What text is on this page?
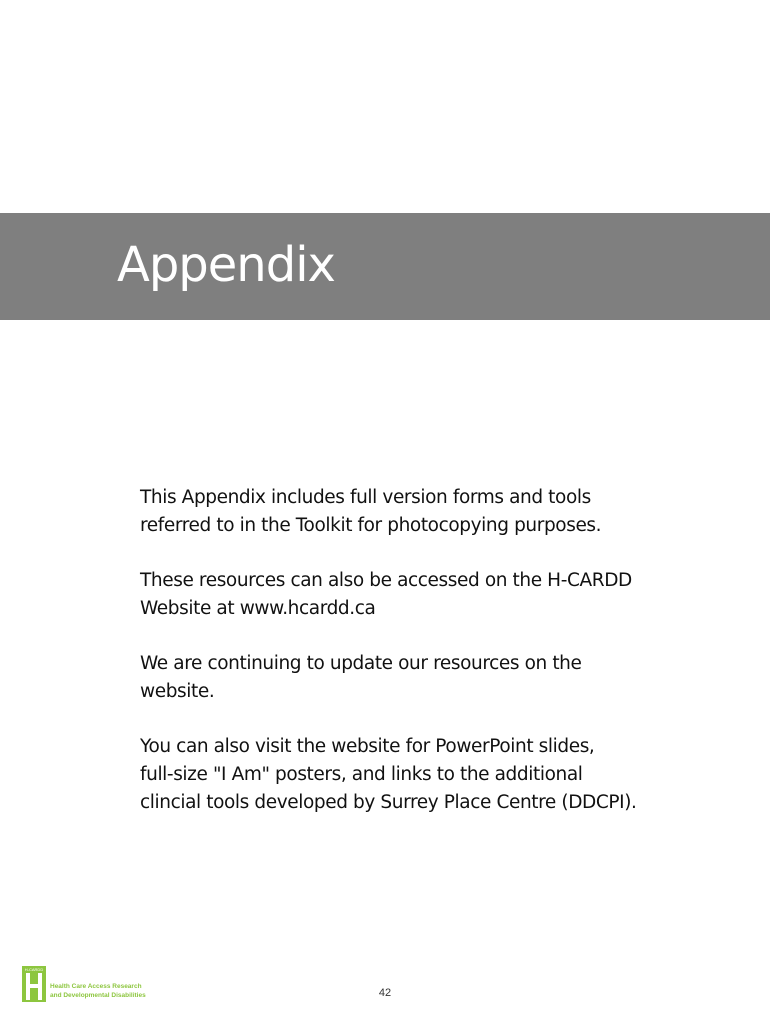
Appendix

This Appendix includes full version forms and tools
referred to in the Toolkit for photocopying purposes.

These resources can also be accessed on the H-CARDD
Website at www.hcardd.ca

We are continuing to update our resources on the
website.

You can also visit the website for PowerPoint slides,
full-size "I Am" posters, and links to the additional
clincial tools developed by Surrey Place Centre (DDCPI).

H-CARDD
Health Care Access Research
and Developmental Disabilities	42
